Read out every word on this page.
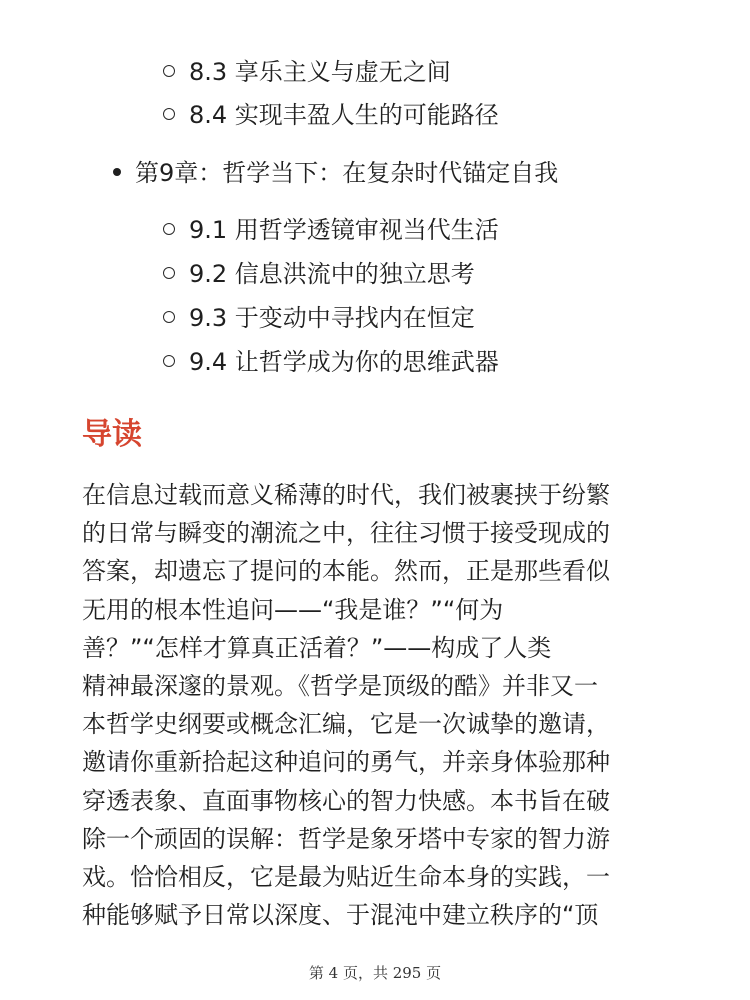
8.3 享乐主义与虚无之间
8.4 实现丰盈人生的可能路径
第9章：哲学当下：在复杂时代锚定自我
9.1 用哲学透镜审视当代生活
9.2 信息洪流中的独立思考
9.3 于变动中寻找内在恒定
9.4 让哲学成为你的思维武器
导读
在信息过载而意义稀薄的时代，我们被裹挟于纷繁
的日常与瞬变的潮流之中，往往习惯于接受现成的
答案，却遗忘了提问的本能。然而，正是那些看似
无用的根本性追问——“我是谁？”“何为
善？”“怎样才算真正活着？”——构成了人类
精神最深邃的景观。《哲学是顶级的酷》并非又一
本哲学史纲要或概念汇编，它是一次诚挚的邀请，
邀请你重新拾起这种追问的勇气，并亲身体验那种
穿透表象、直面事物核心的智力快感。本书旨在破
除一个顽固的误解：哲学是象牙塔中专家的智力游
戏。恰恰相反，它是最为贴近生命本身的实践，一
种能够赋予日常以深度、于混沌中建立秩序的“顶
第 4 页，共 295 页
